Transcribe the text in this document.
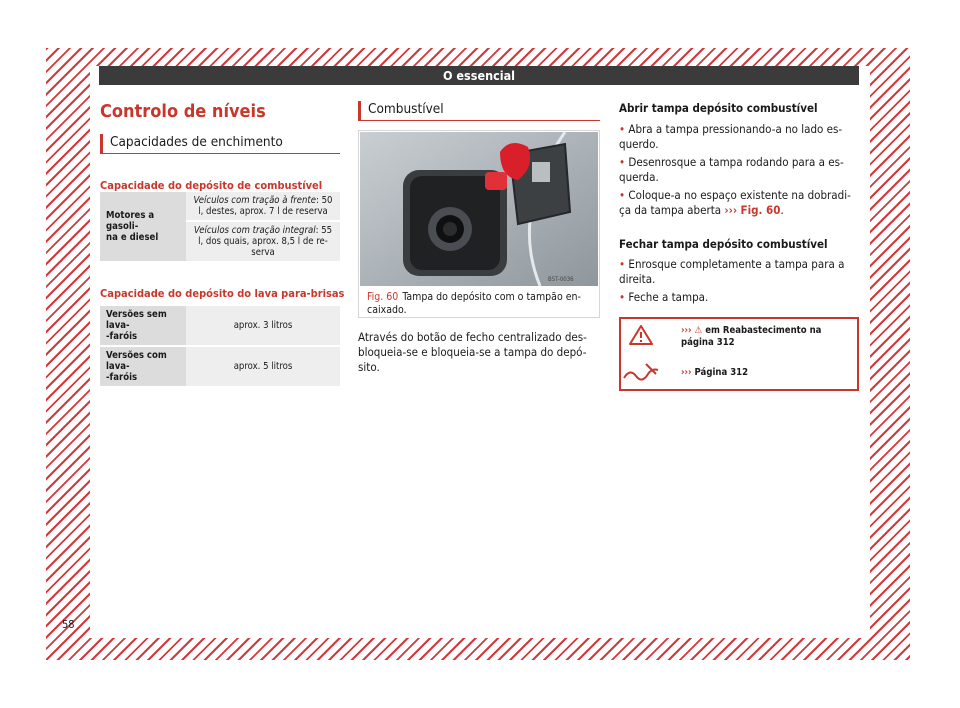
O essencial
Controlo de níveis
Capacidades de enchimento
Capacidade do depósito de combustível
Motores a gasoli-
na e diesel	Veículos com tração à frente: 50 l, destes, aprox. 7 l de reserva
Veículos com tração integral: 55 l, dos quais, aprox. 8,5 l de re-serva
Capacidade do depósito do lava para-brisas
Versões sem lava-
-faróis	aprox. 3 litros
Versões com lava-
-faróis	aprox. 5 litros
Combustível
B5T-0036
Fig. 60 Tampa do depósito com o tampão en-caixado.

Através do botão de fecho centralizado des-bloqueia-se e bloqueia-se a tampa do depó-sito.

Abrir tampa depósito combustível

• Abra a tampa pressionando-a no lado es-querdo.

• Desenrosque a tampa rodando para a es-querda.

• Coloque-a no espaço existente na dobradi-ça da tampa aberta ››› Fig. 60.

Fechar tampa depósito combustível

• Enrosque completamente a tampa para a direita.

• Feche a tampa.

››› ⚠ em Reabastecimento na página 312

››› Página 312

58
